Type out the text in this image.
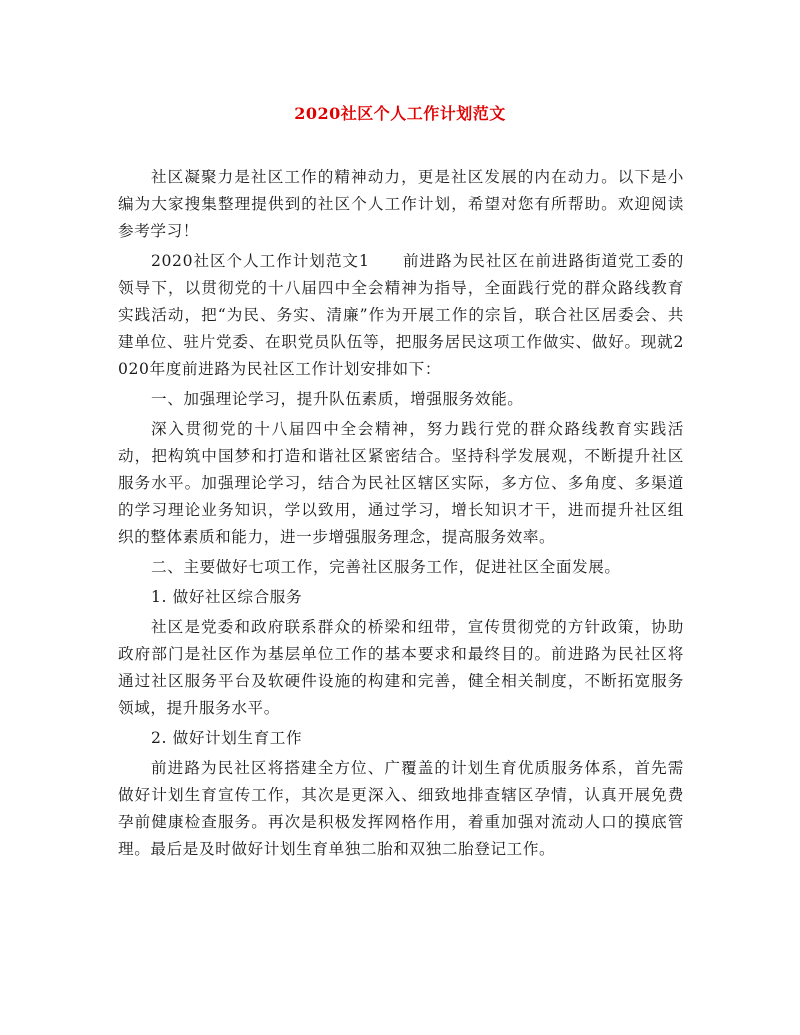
2020社区个人工作计划范文

社区凝聚力是社区工作的精神动力，更是社区发展的内在动力。以下是小编为大家搜集整理提供到的社区个人工作计划，希望对您有所帮助。欢迎阅读参考学习！

2020社区个人工作计划范文1　　前进路为民社区在前进路街道党工委的领导下，以贯彻党的十八届四中全会精神为指导，全面践行党的群众路线教育实践活动，把“为民、务实、清廉”作为开展工作的宗旨，联合社区居委会、共建单位、驻片党委、在职党员队伍等，把服务居民这项工作做实、做好。现就2020年度前进路为民社区工作计划安排如下：

一、加强理论学习，提升队伍素质，增强服务效能。

深入贯彻党的十八届四中全会精神，努力践行党的群众路线教育实践活动，把构筑中国梦和打造和谐社区紧密结合。坚持科学发展观，不断提升社区服务水平。加强理论学习，结合为民社区辖区实际，多方位、多角度、多渠道的学习理论业务知识，学以致用，通过学习，增长知识才干，进而提升社区组织的整体素质和能力，进一步增强服务理念，提高服务效率。

二、主要做好七项工作，完善社区服务工作，促进社区全面发展。

1. 做好社区综合服务

社区是党委和政府联系群众的桥梁和纽带，宣传贯彻党的方针政策，协助政府部门是社区作为基层单位工作的基本要求和最终目的。前进路为民社区将通过社区服务平台及软硬件设施的构建和完善，健全相关制度，不断拓宽服务领域，提升服务水平。

2. 做好计划生育工作

前进路为民社区将搭建全方位、广覆盖的计划生育优质服务体系，首先需做好计划生育宣传工作，其次是更深入、细致地排查辖区孕情，认真开展免费孕前健康检查服务。再次是积极发挥网格作用，着重加强对流动人口的摸底管理。最后是及时做好计划生育单独二胎和双独二胎登记工作。
